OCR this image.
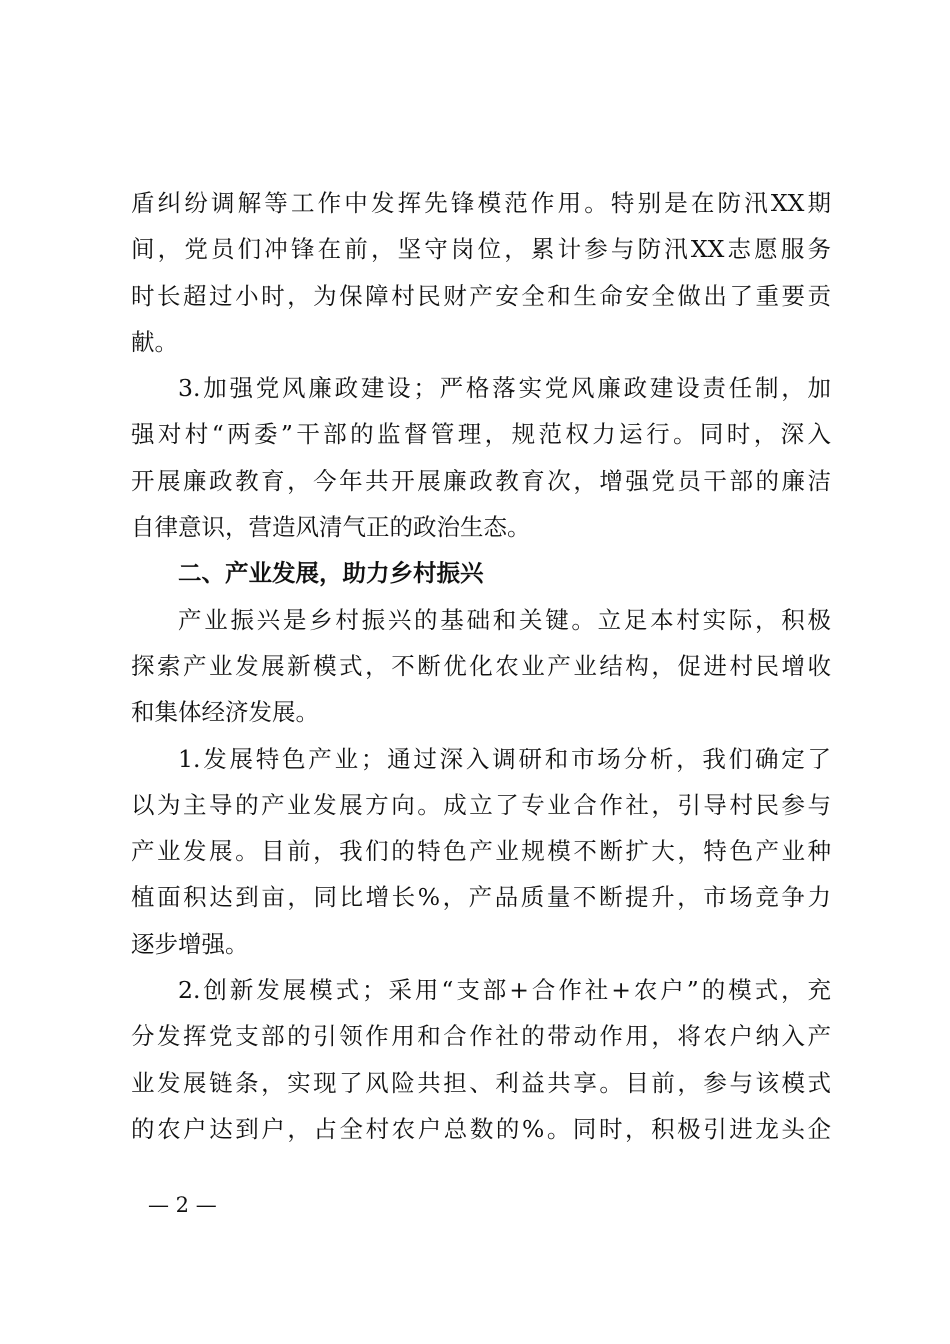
盾纠纷调解等工作中发挥先锋模范作用。特别是在防汛XX期
间，党员们冲锋在前，坚守岗位，累计参与防汛XX志愿服务
时长超过小时，为保障村民财产安全和生命安全做出了重要贡
献。
3.加强党风廉政建设；严格落实党风廉政建设责任制，加
强对村“两委”干部的监督管理，规范权力运行。同时，深入
开展廉政教育，今年共开展廉政教育次，增强党员干部的廉洁
自律意识，营造风清气正的政治生态。
二、产业发展，助力乡村振兴
产业振兴是乡村振兴的基础和关键。立足本村实际，积极
探索产业发展新模式，不断优化农业产业结构，促进村民增收
和集体经济发展。
1.发展特色产业；通过深入调研和市场分析，我们确定了
以为主导的产业发展方向。成立了专业合作社，引导村民参与
产业发展。目前，我们的特色产业规模不断扩大，特色产业种
植面积达到亩，同比增长%，产品质量不断提升，市场竞争力
逐步增强。
2.创新发展模式；采用“支部+合作社+农户”的模式，充
分发挥党支部的引领作用和合作社的带动作用，将农户纳入产
业发展链条，实现了风险共担、利益共享。目前，参与该模式
的农户达到户，占全村农户总数的%。同时，积极引进龙头企
— 2 —
